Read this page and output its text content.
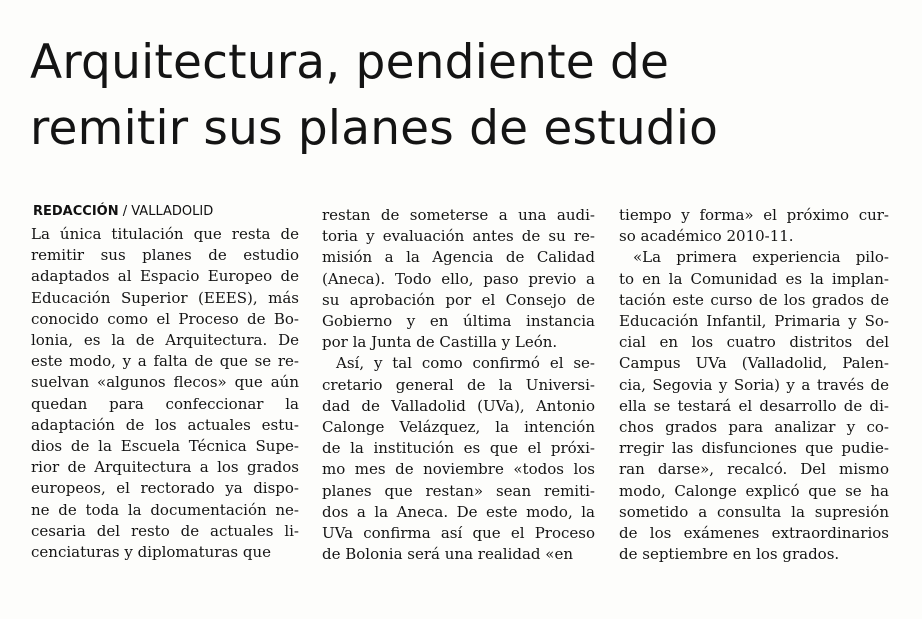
Arquitectura, pendiente de
remitir sus planes de estudio
REDACCIÓN / VALLADOLID
La única titulación que resta de
remitir sus planes de estudio
adaptados al Espacio Europeo de
Educación Superior (EEES), más
conocido como el Proceso de Bo-
lonia, es la de Arquitectura. De
este modo, y a falta de que se re-
suelvan «algunos flecos» que aún
quedan para confeccionar la
adaptación de los actuales estu-
dios de la Escuela Técnica Supe-
rior de Arquitectura a los grados
europeos, el rectorado ya dispo-
ne de toda la documentación ne-
cesaria del resto de actuales li-
cenciaturas y diplomaturas que
restan de someterse a una audi-
toria y evaluación antes de su re-
misión a la Agencia de Calidad
(Aneca). Todo ello, paso previo a
su aprobación por el Consejo de
Gobierno y en última instancia
por la Junta de Castilla y León.
Así, y tal como confirmó el se-
cretario general de la Universi-
dad de Valladolid (UVa), Antonio
Calonge Velázquez, la intención
de la institución es que el próxi-
mo mes de noviembre «todos los
planes que restan» sean remiti-
dos a la Aneca. De este modo, la
UVa confirma así que el Proceso
de Bolonia será una realidad «en
tiempo y forma» el próximo cur-
so académico 2010-11.
«La primera experiencia pilo-
to en la Comunidad es la implan-
tación este curso de los grados de
Educación Infantil, Primaria y So-
cial en los cuatro distritos del
Campus UVa (Valladolid, Palen-
cia, Segovia y Soria) y a través de
ella se testará el desarrollo de di-
chos grados para analizar y co-
rregir las disfunciones que pudie-
ran darse», recalcó. Del mismo
modo, Calonge explicó que se ha
sometido a consulta la supresión
de los exámenes extraordinarios
de septiembre en los grados.
